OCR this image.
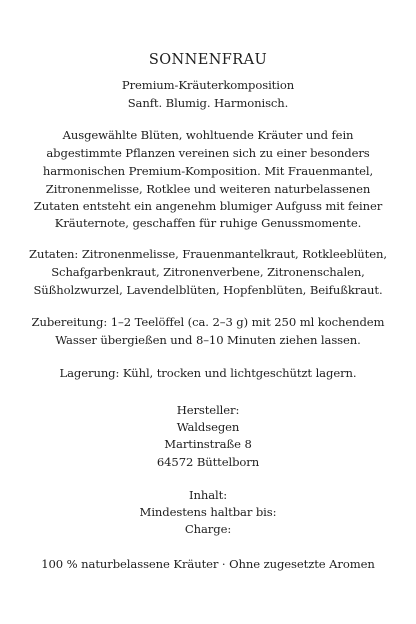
SONNENFRAU
Premium-Kräuterkomposition
Sanft. Blumig. Harmonisch.
Ausgewählte Blüten, wohltuende Kräuter und fein
abgestimmte Pflanzen vereinen sich zu einer besonders
harmonischen Premium-Komposition. Mit Frauenmantel,
Zitronenmelisse, Rotklee und weiteren naturbelassenen
Zutaten entsteht ein angenehm blumiger Aufguss mit feiner
Kräuternote, geschaffen für ruhige Genussmomente.
Zutaten: Zitronenmelisse, Frauenmantelkraut, Rotkleeblüten,
Schafgarbenkraut, Zitronenverbene, Zitronenschalen,
Süßholzwurzel, Lavendelblüten, Hopfenblüten, Beifußkraut.
Zubereitung: 1–2 Teelöffel (ca. 2–3 g) mit 250 ml kochendem
Wasser übergießen und 8–10 Minuten ziehen lassen.
Lagerung: Kühl, trocken und lichtgeschützt lagern.
Hersteller:
Waldsegen
Martinstraße 8
64572 Büttelborn
Inhalt:
Mindestens haltbar bis:
Charge:
100 % naturbelassene Kräuter · Ohne zugesetzte Aromen
